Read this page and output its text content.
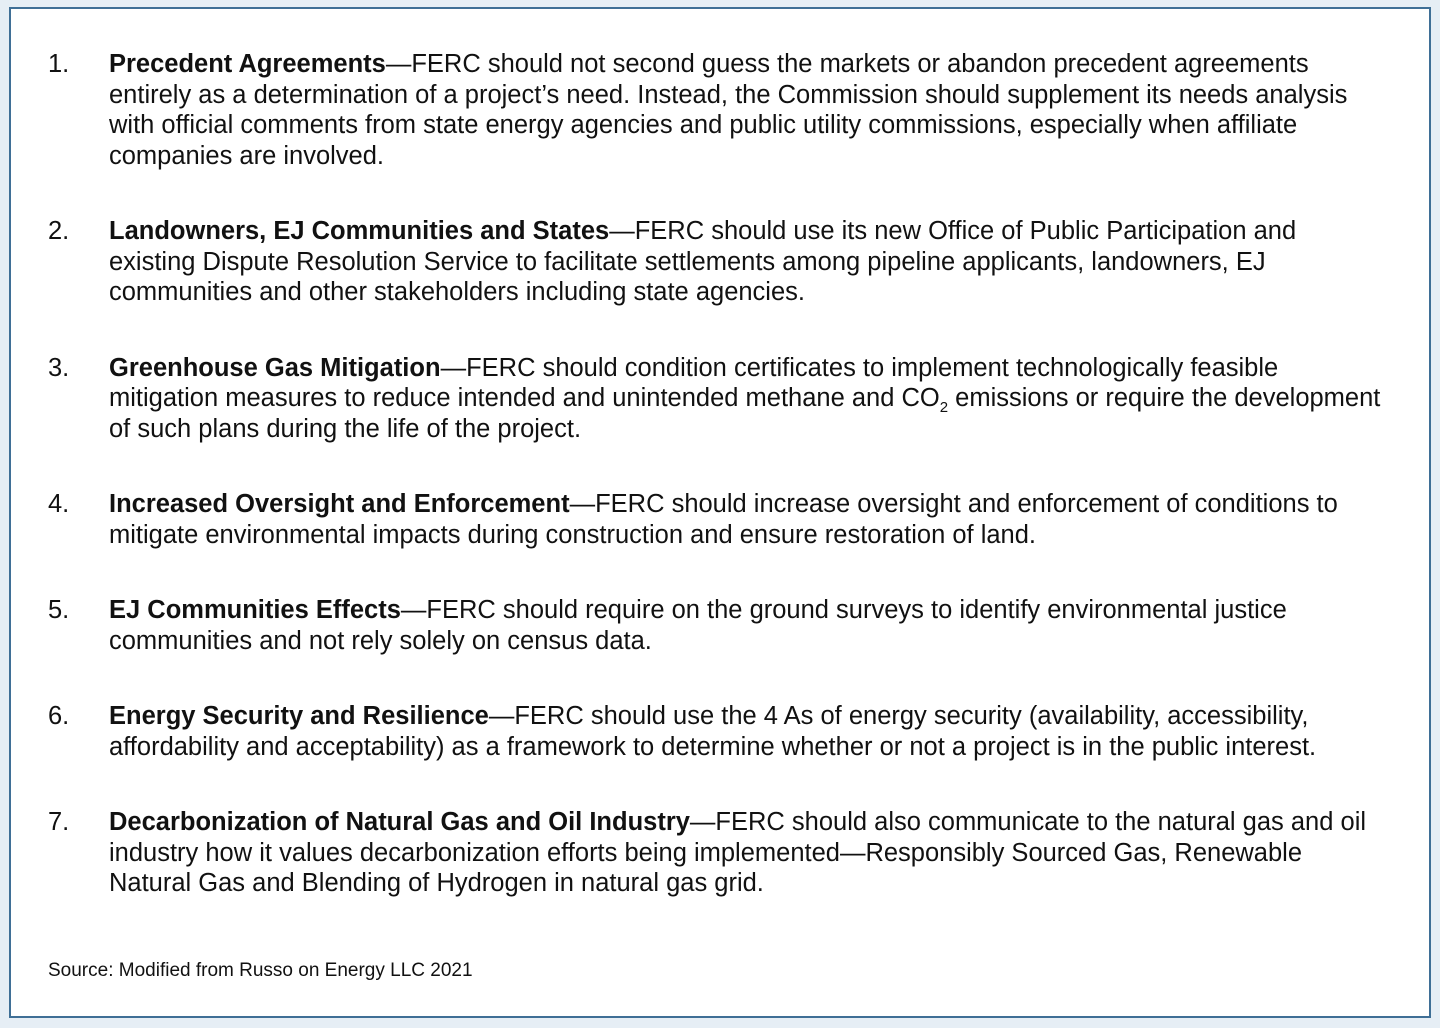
1. Precedent Agreements—FERC should not second guess the markets or abandon precedent agreements entirely as a determination of a project’s need. Instead, the Commission should supplement its needs analysis with official comments from state energy agencies and public utility commissions, especially when affiliate companies are involved.
2. Landowners, EJ Communities and States—FERC should use its new Office of Public Participation and existing Dispute Resolution Service to facilitate settlements among pipeline applicants, landowners, EJ communities and other stakeholders including state agencies.
3. Greenhouse Gas Mitigation—FERC should condition certificates to implement technologically feasible mitigation measures to reduce intended and unintended methane and $CO_2$ emissions or require the development of such plans during the life of the project.
4. Increased Oversight and Enforcement—FERC should increase oversight and enforcement of conditions to mitigate environmental impacts during construction and ensure restoration of land.
5. EJ Communities Effects—FERC should require on the ground surveys to identify environmental justice communities and not rely solely on census data.
6. Energy Security and Resilience—FERC should use the 4 As of energy security (availability, accessibility, affordability and acceptability) as a framework to determine whether or not a project is in the public interest.
7. Decarbonization of Natural Gas and Oil Industry—FERC should also communicate to the natural gas and oil industry how it values decarbonization efforts being implemented—Responsibly Sourced Gas, Renewable Natural Gas and Blending of Hydrogen in natural gas grid.
Source: Modified from Russo on Energy LLC 2021
